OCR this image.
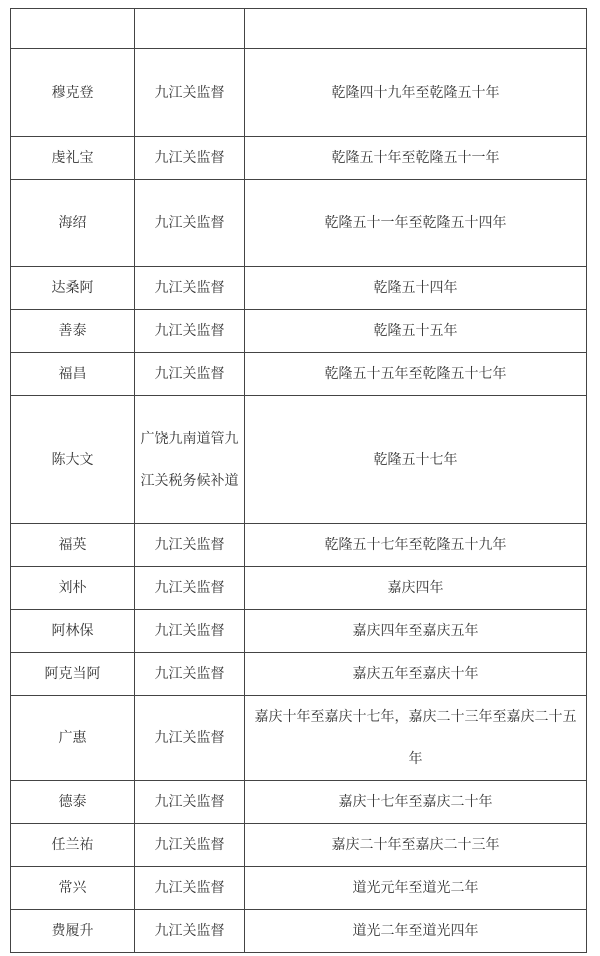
穆克登	九江关监督	乾隆四十九年至乾隆五十年
虔礼宝	九江关监督	乾隆五十年至乾隆五十一年
海绍	九江关监督	乾隆五十一年至乾隆五十四年
达桑阿	九江关监督	乾隆五十四年
善泰	九江关监督	乾隆五十五年
福昌	九江关监督	乾隆五十五年至乾隆五十七年
陈大文	广饶九南道管九江关税务候补道	乾隆五十七年
福英	九江关监督	乾隆五十七年至乾隆五十九年
刘朴	九江关监督	嘉庆四年
阿林保	九江关监督	嘉庆四年至嘉庆五年
阿克当阿	九江关监督	嘉庆五年至嘉庆十年
广惠	九江关监督	嘉庆十年至嘉庆十七年，嘉庆二十三年至嘉庆二十五年
德泰	九江关监督	嘉庆十七年至嘉庆二十年
任兰祐	九江关监督	嘉庆二十年至嘉庆二十三年
常兴	九江关监督	道光元年至道光二年
费履升	九江关监督	道光二年至道光四年
